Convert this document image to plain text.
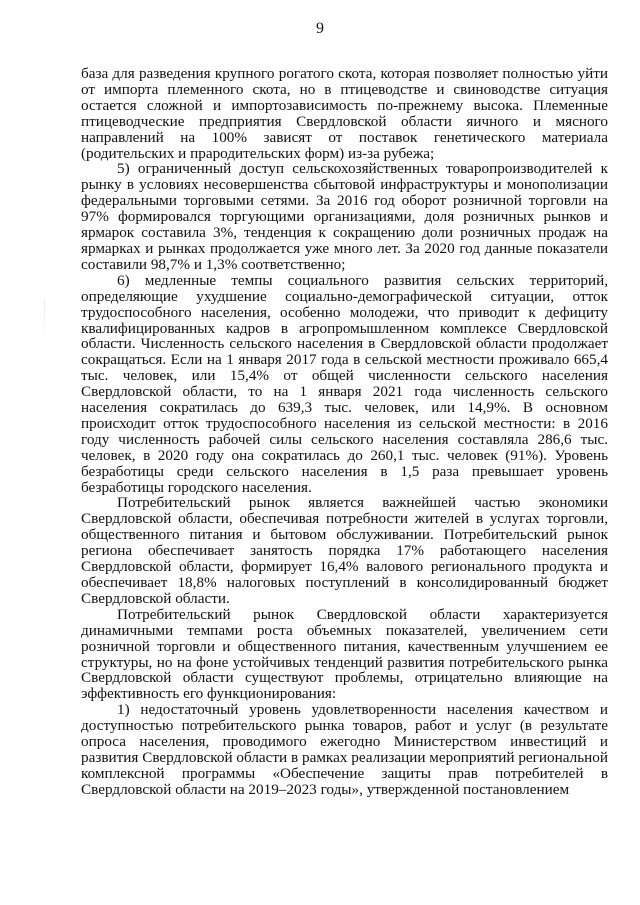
9

база для разведения крупного рогатого скота, которая позволяет полностью уйти от импорта племенного скота, но в птицеводстве и свиноводстве ситуация остается сложной и импортозависимость по-прежнему высока. Племенные птицеводческие предприятия Свердловской области яичного и мясного направлений на 100% зависят от поставок генетического материала (родительских и прародительских форм) из-за рубежа;

5) ограниченный доступ сельскохозяйственных товаропроизводителей к рынку в условиях несовершенства сбытовой инфраструктуры и монополизации федеральными торговыми сетями. За 2016 год оборот розничной торговли на 97% формировался торгующими организациями, доля розничных рынков и ярмарок составила 3%, тенденция к сокращению доли розничных продаж на ярмарках и рынках продолжается уже много лет. За 2020 год данные показатели составили 98,7% и 1,3% соответственно;

6) медленные темпы социального развития сельских территорий, определяющие ухудшение социально-демографической ситуации, отток трудоспособного населения, особенно молодежи, что приводит к дефициту квалифицированных кадров в агропромышленном комплексе Свердловской области. Численность сельского населения в Свердловской области продолжает сокращаться. Если на 1 января 2017 года в сельской местности проживало 665,4 тыс. человек, или 15,4% от общей численности сельского населения Свердловской области, то на 1 января 2021 года численность сельского населения сократилась до 639,3 тыс. человек, или 14,9%. В основном происходит отток трудоспособного населения из сельской местности: в 2016 году численность рабочей силы сельского населения составляла 286,6 тыс. человек, в 2020 году она сократилась до 260,1 тыс. человек (91%). Уровень безработицы среди сельского населения в 1,5 раза превышает уровень безработицы городского населения.

Потребительский рынок является важнейшей частью экономики Свердловской области, обеспечивая потребности жителей в услугах торговли, общественного питания и бытовом обслуживании. Потребительский рынок региона обеспечивает занятость порядка 17% работающего населения Свердловской области, формирует 16,4% валового регионального продукта и обеспечивает 18,8% налоговых поступлений в консолидированный бюджет Свердловской области.

Потребительский рынок Свердловской области характеризуется динамичными темпами роста объемных показателей, увеличением сети розничной торговли и общественного питания, качественным улучшением ее структуры, но на фоне устойчивых тенденций развития потребительского рынка Свердловской области существуют проблемы, отрицательно влияющие на эффективность его функционирования:

1) недостаточный уровень удовлетворенности населения качеством и доступностью потребительского рынка товаров, работ и услуг (в результате опроса населения, проводимого ежегодно Министерством инвестиций и развития Свердловской области в рамках реализации мероприятий региональной комплексной программы «Обеспечение защиты прав потребителей в Свердловской области на 2019–2023 годы», утвержденной постановлением
